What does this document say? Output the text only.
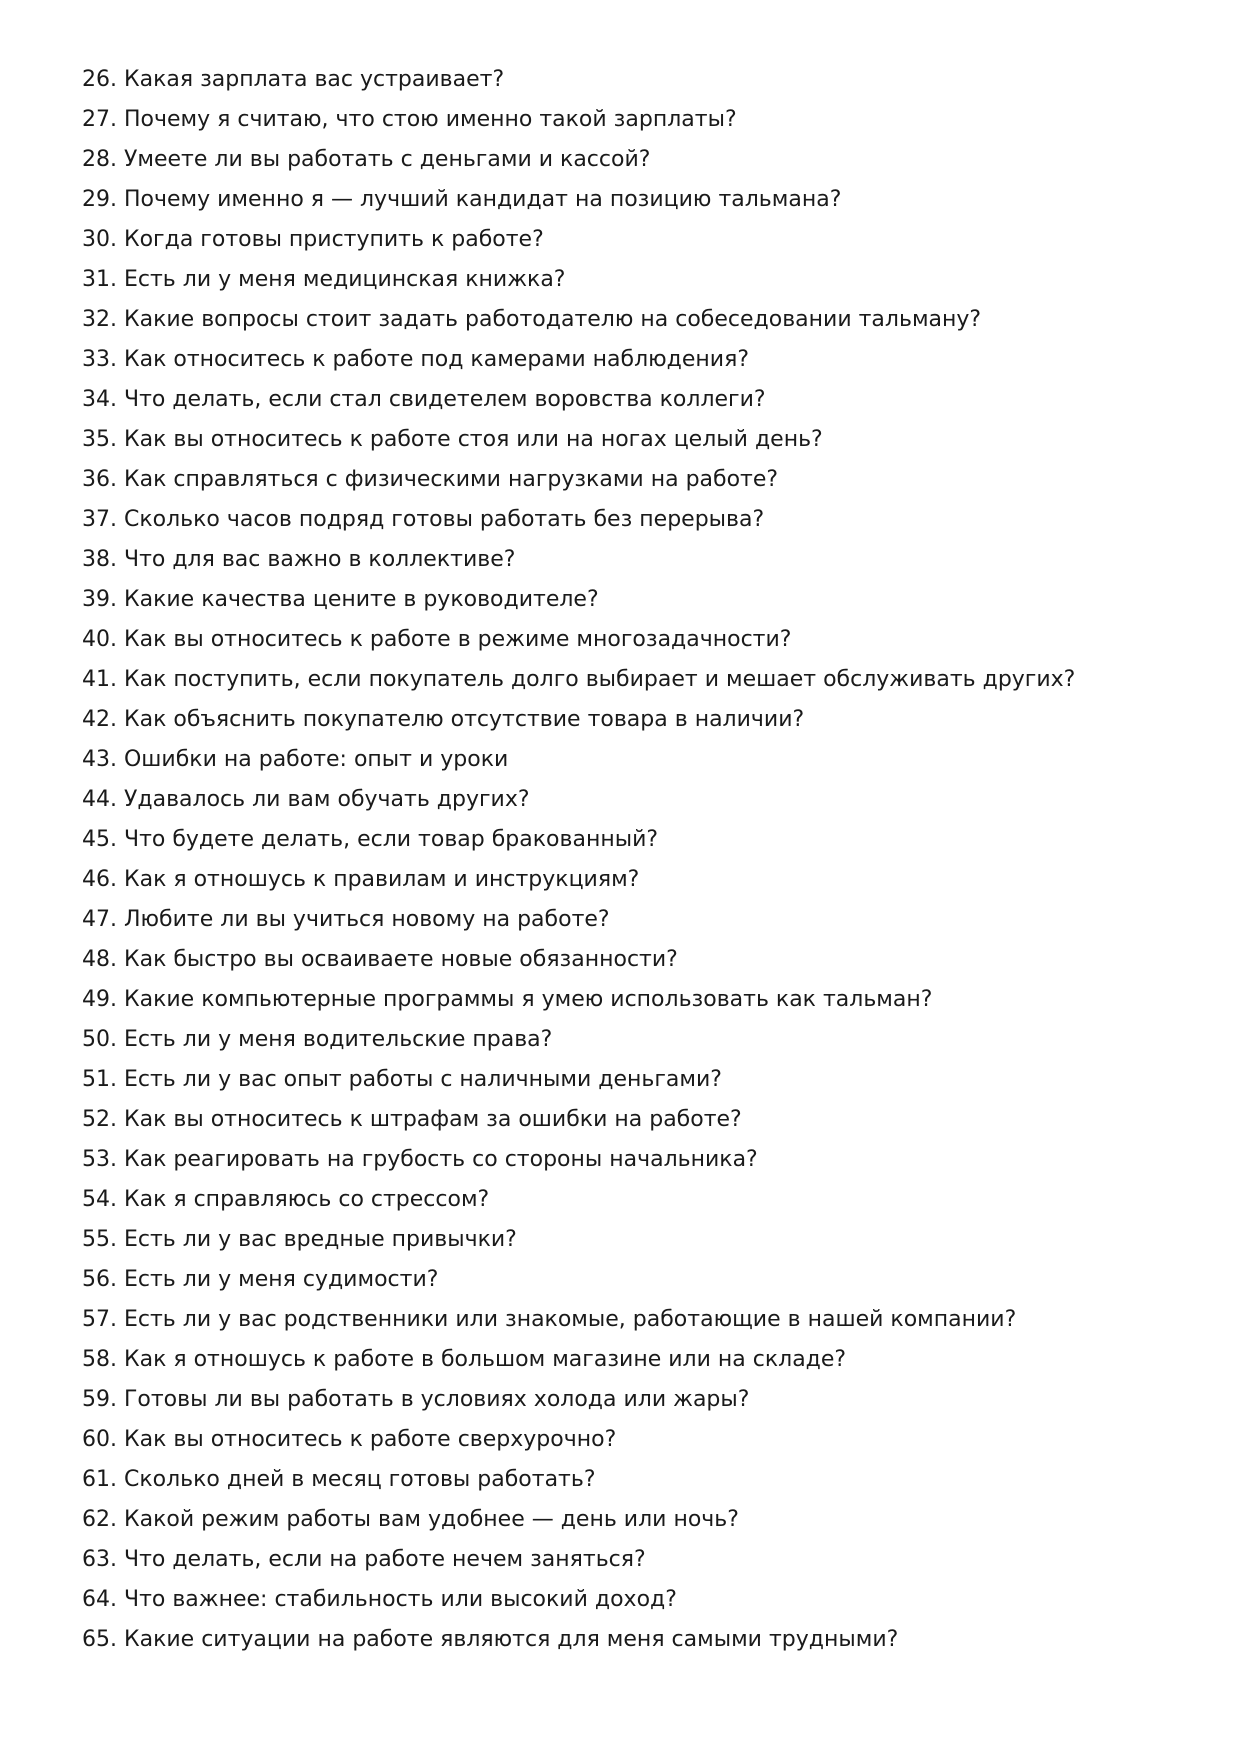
26. Какая зарплата вас устраивает?
27. Почему я считаю, что стою именно такой зарплаты?
28. Умеете ли вы работать с деньгами и кассой?
29. Почему именно я — лучший кандидат на позицию тальмана?
30. Когда готовы приступить к работе?
31. Есть ли у меня медицинская книжка?
32. Какие вопросы стоит задать работодателю на собеседовании тальману?
33. Как относитесь к работе под камерами наблюдения?
34. Что делать, если стал свидетелем воровства коллеги?
35. Как вы относитесь к работе стоя или на ногах целый день?
36. Как справляться с физическими нагрузками на работе?
37. Сколько часов подряд готовы работать без перерыва?
38. Что для вас важно в коллективе?
39. Какие качества цените в руководителе?
40. Как вы относитесь к работе в режиме многозадачности?
41. Как поступить, если покупатель долго выбирает и мешает обслуживать других?
42. Как объяснить покупателю отсутствие товара в наличии?
43. Ошибки на работе: опыт и уроки
44. Удавалось ли вам обучать других?
45. Что будете делать, если товар бракованный?
46. Как я отношусь к правилам и инструкциям?
47. Любите ли вы учиться новому на работе?
48. Как быстро вы осваиваете новые обязанности?
49. Какие компьютерные программы я умею использовать как тальман?
50. Есть ли у меня водительские права?
51. Есть ли у вас опыт работы с наличными деньгами?
52. Как вы относитесь к штрафам за ошибки на работе?
53. Как реагировать на грубость со стороны начальника?
54. Как я справляюсь со стрессом?
55. Есть ли у вас вредные привычки?
56. Есть ли у меня судимости?
57. Есть ли у вас родственники или знакомые, работающие в нашей компании?
58. Как я отношусь к работе в большом магазине или на складе?
59. Готовы ли вы работать в условиях холода или жары?
60. Как вы относитесь к работе сверхурочно?
61. Сколько дней в месяц готовы работать?
62. Какой режим работы вам удобнее — день или ночь?
63. Что делать, если на работе нечем заняться?
64. Что важнее: стабильность или высокий доход?
65. Какие ситуации на работе являются для меня самыми трудными?
